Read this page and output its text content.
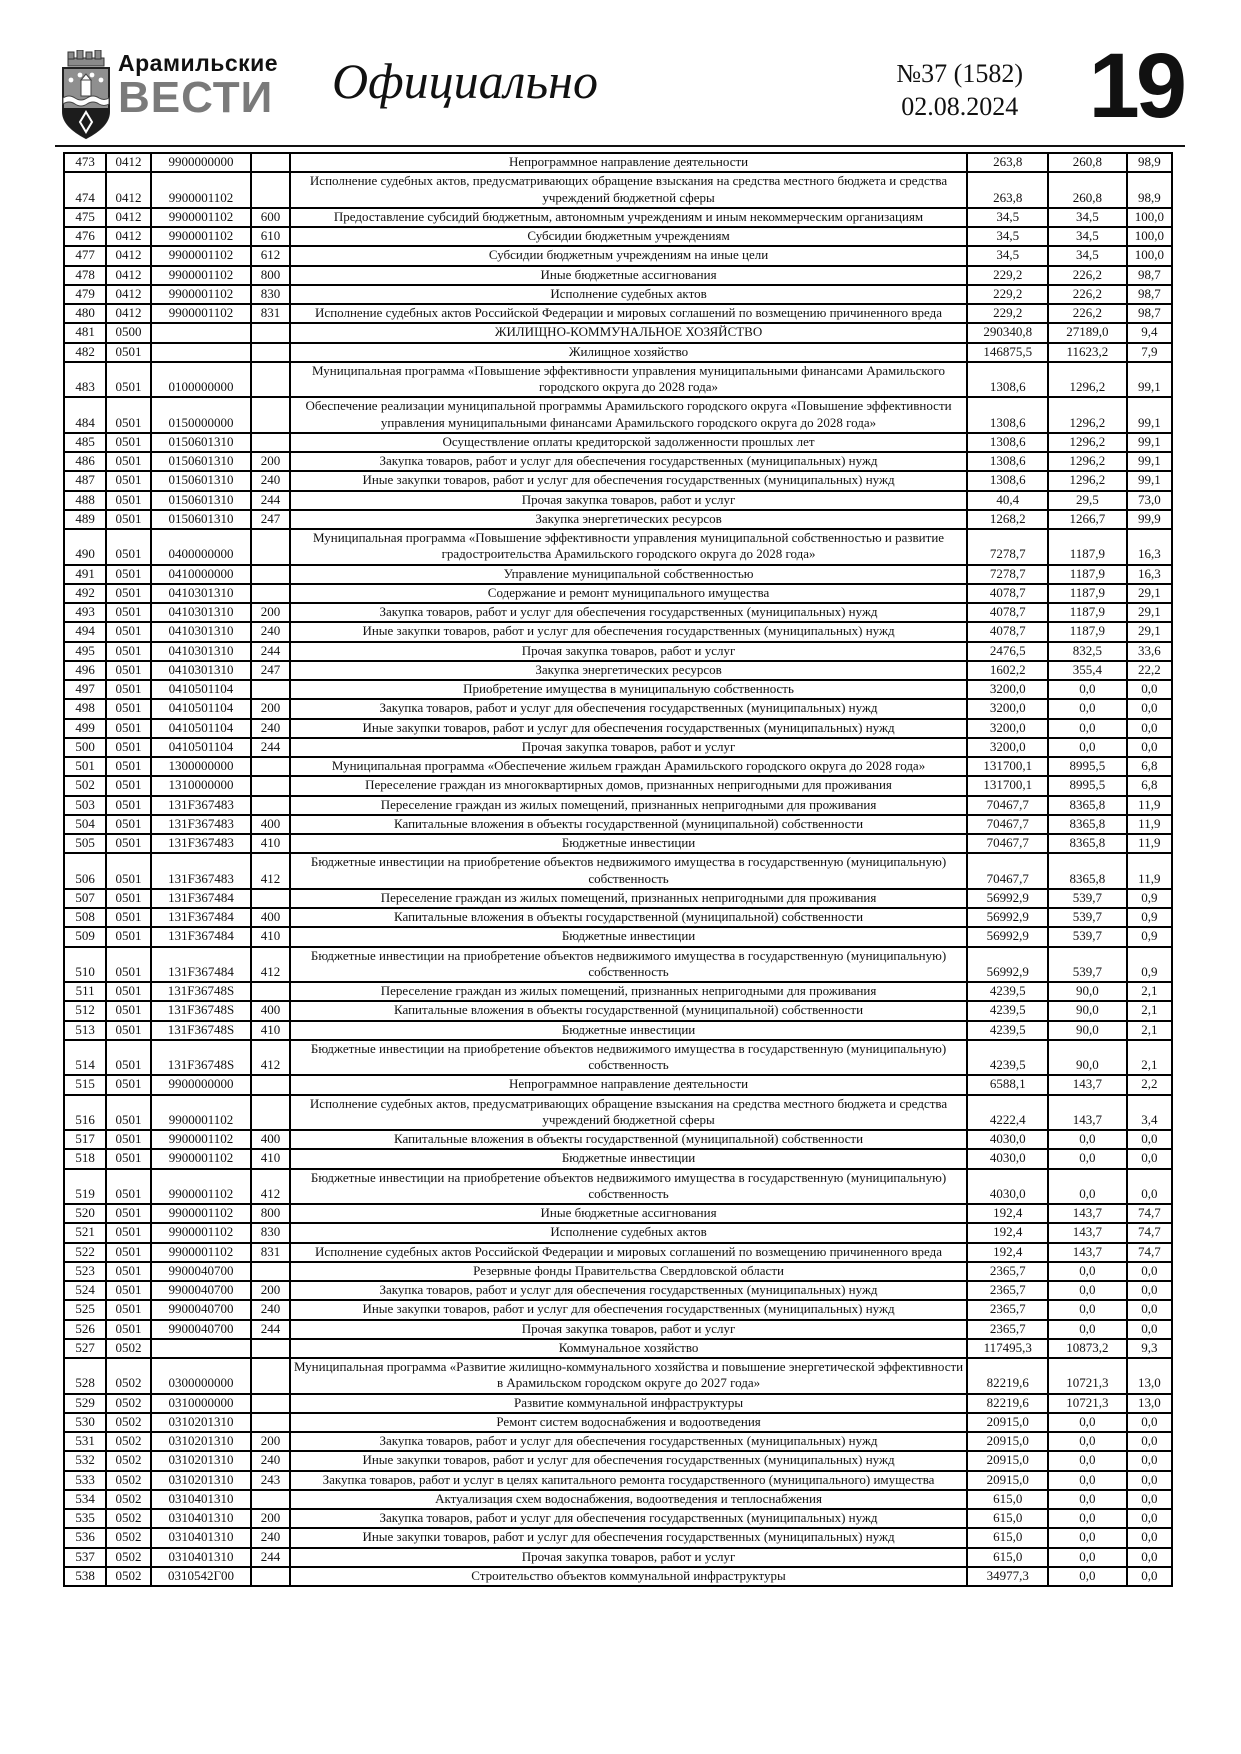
Арамильские
ВЕСТИ	Официально	№37 (1582)
02.08.2024 19
473	0412	9900000000		Непрограммное направление деятельности	263,8	260,8	98,9
474	0412	9900001102		Исполнение судебных актов, предусматривающих обращение взыскания на средства местного бюджета и средства учреждений бюджетной сферы	263,8	260,8	98,9
475	0412	9900001102	600	Предоставление субсидий бюджетным, автономным учреждениям и иным некоммерческим организациям	34,5	34,5	100,0
476	0412	9900001102	610	Субсидии бюджетным учреждениям	34,5	34,5	100,0
477	0412	9900001102	612	Субсидии бюджетным учреждениям на иные цели	34,5	34,5	100,0
478	0412	9900001102	800	Иные бюджетные ассигнования	229,2	226,2	98,7
479	0412	9900001102	830	Исполнение судебных актов	229,2	226,2	98,7
480	0412	9900001102	831	Исполнение судебных актов Российской Федерации и мировых соглашений по возмещению причиненного вреда	229,2	226,2	98,7
481	0500			ЖИЛИЩНО-КОММУНАЛЬНОЕ ХОЗЯЙСТВО	290340,8	27189,0	9,4
482	0501			Жилищное хозяйство	146875,5	11623,2	7,9
483	0501	0100000000		Муниципальная программа «Повышение эффективности управления муниципальными финансами Арамильского городского округа до 2028 года»	1308,6	1296,2	99,1
484	0501	0150000000		Обеспечение реализации муниципальной программы Арамильского городского округа «Повышение эффективности управления муниципальными финансами Арамильского городского округа до 2028 года»	1308,6	1296,2	99,1
485	0501	0150601310		Осуществление оплаты кредиторской задолженности прошлых лет	1308,6	1296,2	99,1
486	0501	0150601310	200	Закупка товаров, работ и услуг для обеспечения государственных (муниципальных) нужд	1308,6	1296,2	99,1
487	0501	0150601310	240	Иные закупки товаров, работ и услуг для обеспечения государственных (муниципальных) нужд	1308,6	1296,2	99,1
488	0501	0150601310	244	Прочая закупка товаров, работ и услуг	40,4	29,5	73,0
489	0501	0150601310	247	Закупка энергетических ресурсов	1268,2	1266,7	99,9
490	0501	0400000000		Муниципальная программа «Повышение эффективности управления муниципальной собственностью и развитие градостроительства Арамильского городского округа до 2028 года»	7278,7	1187,9	16,3
491	0501	0410000000		Управление муниципальной собственностью	7278,7	1187,9	16,3
492	0501	0410301310		Содержание и ремонт муниципального имущества	4078,7	1187,9	29,1
493	0501	0410301310	200	Закупка товаров, работ и услуг для обеспечения государственных (муниципальных) нужд	4078,7	1187,9	29,1
494	0501	0410301310	240	Иные закупки товаров, работ и услуг для обеспечения государственных (муниципальных) нужд	4078,7	1187,9	29,1
495	0501	0410301310	244	Прочая закупка товаров, работ и услуг	2476,5	832,5	33,6
496	0501	0410301310	247	Закупка энергетических ресурсов	1602,2	355,4	22,2
497	0501	0410501104		Приобретение имущества в муниципальную собственность	3200,0	0,0	0,0
498	0501	0410501104	200	Закупка товаров, работ и услуг для обеспечения государственных (муниципальных) нужд	3200,0	0,0	0,0
499	0501	0410501104	240	Иные закупки товаров, работ и услуг для обеспечения государственных (муниципальных) нужд	3200,0	0,0	0,0
500	0501	0410501104	244	Прочая закупка товаров, работ и услуг	3200,0	0,0	0,0
501	0501	1300000000		Муниципальная программа «Обеспечение жильем граждан Арамильского городского округа до 2028 года»	131700,1	8995,5	6,8
502	0501	1310000000		Переселение граждан из многоквартирных домов, признанных непригодными для проживания	131700,1	8995,5	6,8
503	0501	131F367483		Переселение граждан из жилых помещений, признанных непригодными для проживания	70467,7	8365,8	11,9
504	0501	131F367483	400	Капитальные вложения в объекты государственной (муниципальной) собственности	70467,7	8365,8	11,9
505	0501	131F367483	410	Бюджетные инвестиции	70467,7	8365,8	11,9
506	0501	131F367483	412	Бюджетные инвестиции на приобретение объектов недвижимого имущества в государственную (муниципальную) собственность	70467,7	8365,8	11,9
507	0501	131F367484		Переселение граждан из жилых помещений, признанных непригодными для проживания	56992,9	539,7	0,9
508	0501	131F367484	400	Капитальные вложения в объекты государственной (муниципальной) собственности	56992,9	539,7	0,9
509	0501	131F367484	410	Бюджетные инвестиции	56992,9	539,7	0,9
510	0501	131F367484	412	Бюджетные инвестиции на приобретение объектов недвижимого имущества в государственную (муниципальную) собственность	56992,9	539,7	0,9
511	0501	131F36748S		Переселение граждан из жилых помещений, признанных непригодными для проживания	4239,5	90,0	2,1
512	0501	131F36748S	400	Капитальные вложения в объекты государственной (муниципальной) собственности	4239,5	90,0	2,1
513	0501	131F36748S	410	Бюджетные инвестиции	4239,5	90,0	2,1
514	0501	131F36748S	412	Бюджетные инвестиции на приобретение объектов недвижимого имущества в государственную (муниципальную) собственность	4239,5	90,0	2,1
515	0501	9900000000		Непрограммное направление деятельности	6588,1	143,7	2,2
516	0501	9900001102		Исполнение судебных актов, предусматривающих обращение взыскания на средства местного бюджета и средства учреждений бюджетной сферы	4222,4	143,7	3,4
517	0501	9900001102	400	Капитальные вложения в объекты государственной (муниципальной) собственности	4030,0	0,0	0,0
518	0501	9900001102	410	Бюджетные инвестиции	4030,0	0,0	0,0
519	0501	9900001102	412	Бюджетные инвестиции на приобретение объектов недвижимого имущества в государственную (муниципальную) собственность	4030,0	0,0	0,0
520	0501	9900001102	800	Иные бюджетные ассигнования	192,4	143,7	74,7
521	0501	9900001102	830	Исполнение судебных актов	192,4	143,7	74,7
522	0501	9900001102	831	Исполнение судебных актов Российской Федерации и мировых соглашений по возмещению причиненного вреда	192,4	143,7	74,7
523	0501	9900040700		Резервные фонды Правительства Свердловской области	2365,7	0,0	0,0
524	0501	9900040700	200	Закупка товаров, работ и услуг для обеспечения государственных (муниципальных) нужд	2365,7	0,0	0,0
525	0501	9900040700	240	Иные закупки товаров, работ и услуг для обеспечения государственных (муниципальных) нужд	2365,7	0,0	0,0
526	0501	9900040700	244	Прочая закупка товаров, работ и услуг	2365,7	0,0	0,0
527	0502			Коммунальное хозяйство	117495,3	10873,2	9,3
528	0502	0300000000		Муниципальная программа «Развитие жилищно-коммунального хозяйства и повышение энергетической эффективности в Арамильском городском округе до 2027 года»	82219,6	10721,3	13,0
529	0502	0310000000		Развитие коммунальной инфраструктуры	82219,6	10721,3	13,0
530	0502	0310201310		Ремонт систем водоснабжения и водоотведения	20915,0	0,0	0,0
531	0502	0310201310	200	Закупка товаров, работ и услуг для обеспечения государственных (муниципальных) нужд	20915,0	0,0	0,0
532	0502	0310201310	240	Иные закупки товаров, работ и услуг для обеспечения государственных (муниципальных) нужд	20915,0	0,0	0,0
533	0502	0310201310	243	Закупка товаров, работ и услуг в целях капитального ремонта государственного (муниципального) имущества	20915,0	0,0	0,0
534	0502	0310401310		Актуализация схем водоснабжения, водоотведения и теплоснабжения	615,0	0,0	0,0
535	0502	0310401310	200	Закупка товаров, работ и услуг для обеспечения государственных (муниципальных) нужд	615,0	0,0	0,0
536	0502	0310401310	240	Иные закупки товаров, работ и услуг для обеспечения государственных (муниципальных) нужд	615,0	0,0	0,0
537	0502	0310401310	244	Прочая закупка товаров, работ и услуг	615,0	0,0	0,0
538	0502	0310542Г00		Строительство объектов коммунальной инфраструктуры	34977,3	0,0	0,0
